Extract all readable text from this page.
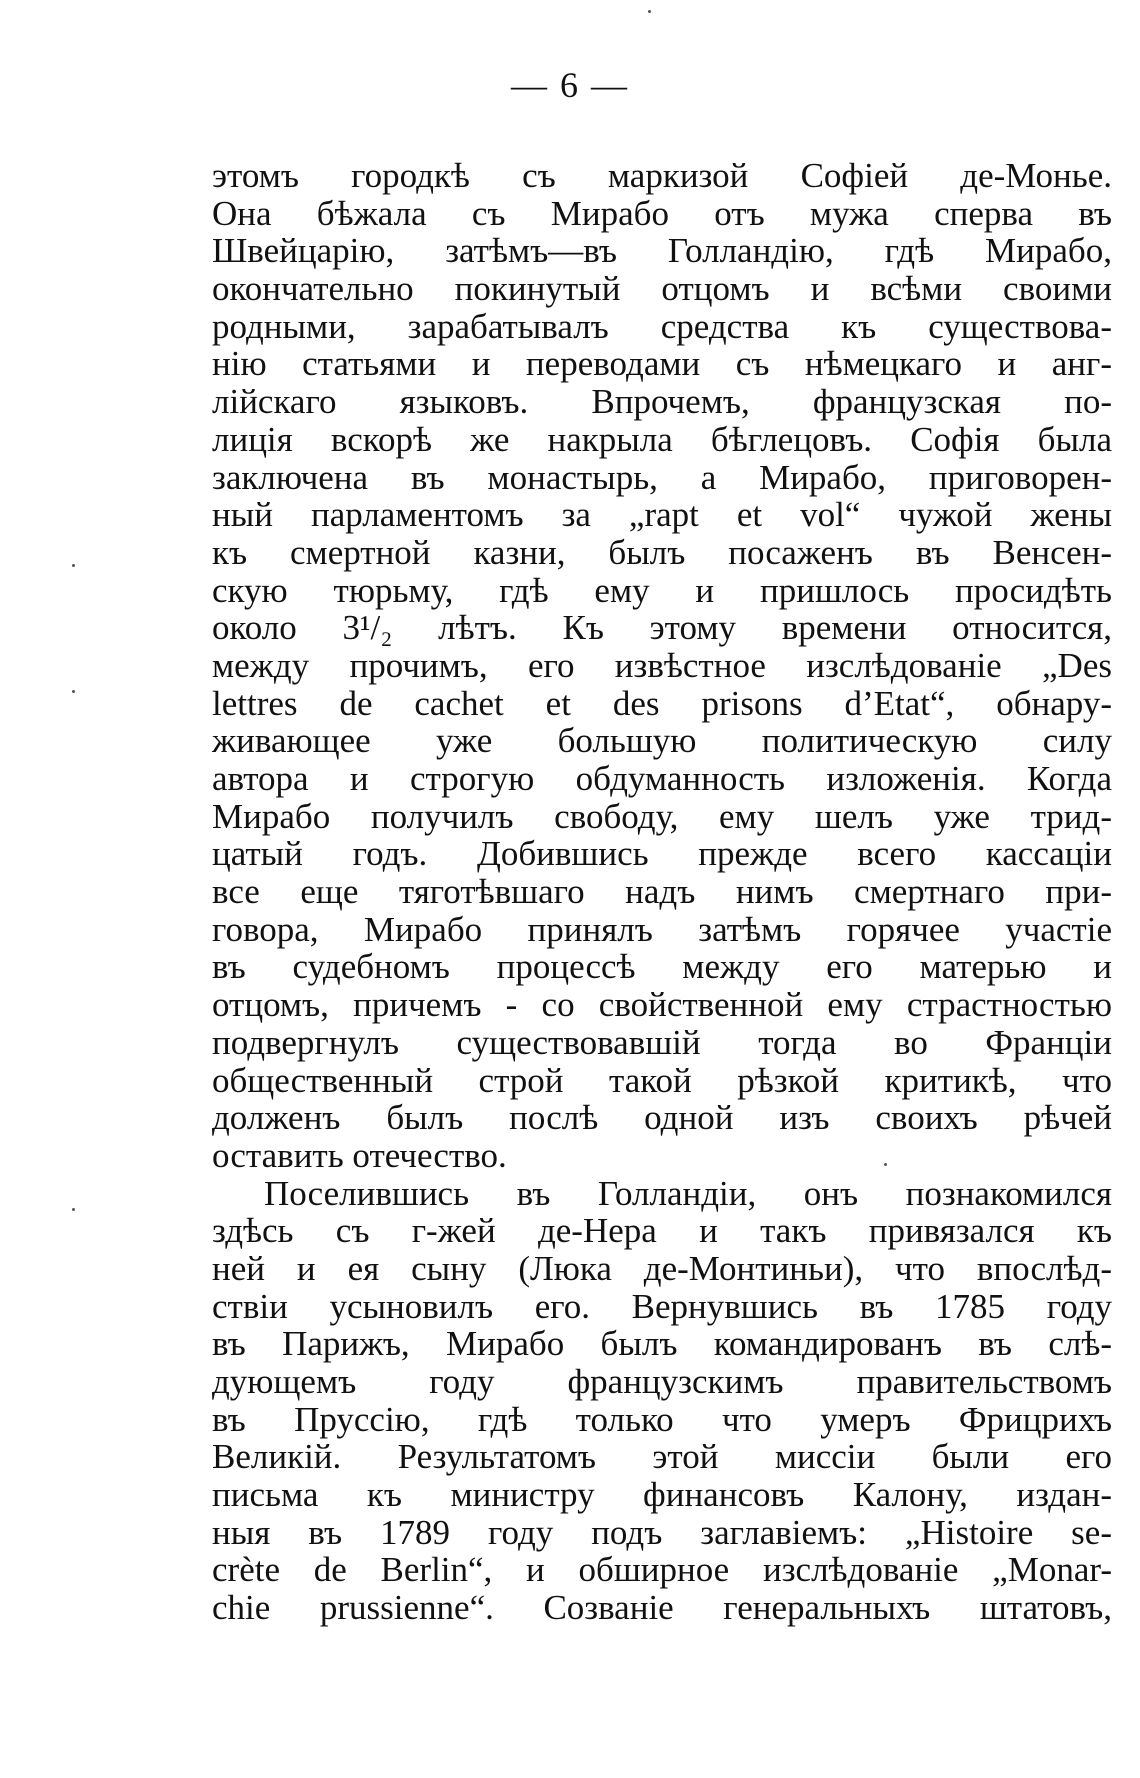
— 6 —
этомъ городкѣ съ маркизой Софіей де-Монье.
Она бѣжала съ Мирабо отъ мужа сперва въ
Швейцарію, затѣмъ—въ Голландію, гдѣ Мирабо,
окончательно покинутый отцомъ и всѣми своими
родными, зарабатывалъ средства къ существова-
нію статьями и переводами съ нѣмецкаго и анг-
лійскаго языковъ. Впрочемъ, французская по-
лиція вскорѣ же накрыла бѣглецовъ. Софія была
заключена въ монастырь, а Мирабо, приговорен-
ный парламентомъ за „rapt et vol“ чужой жены
къ смертной казни, былъ посаженъ въ Венсен-
скую тюрьму, гдѣ ему и пришлось просидѣть
около 3¹/₂ лѣтъ. Къ этому времени относится,
между прочимъ, его извѣстное изслѣдованіе „Des
lettres de cachet et des prisons d’Etat“, обнару-
живающее уже большую политическую силу
автора и строгую обдуманность изложенія. Когда
Мирабо получилъ свободу, ему шелъ уже трид-
цатый годъ. Добившись прежде всего кассаціи
все еще тяготѣвшаго надъ нимъ смертнаго при-
говора, Мирабо принялъ затѣмъ горячее участіе
въ судебномъ процессѣ между его матерью и
отцомъ, причемъ - со свойственной ему страстностью
подвергнулъ существовавшій тогда во Франціи
общественный строй такой рѣзкой критикѣ, что
долженъ былъ послѣ одной изъ своихъ рѣчей
оставить отечество.
Поселившись въ Голландіи, онъ познакомился
здѣсь съ г-жей де-Нера и такъ привязался къ
ней и ея сыну (Люка де-Монтиньи), что впослѣд-
ствіи усыновилъ его. Вернувшись въ 1785 году
въ Парижъ, Мирабо былъ командированъ въ слѣ-
дующемъ году французскимъ правительствомъ
въ Пруссію, гдѣ только что умеръ Фрицрихъ
Великій. Результатомъ этой миссіи были его
письма къ министру финансовъ Калону, издан-
ныя въ 1789 году подъ заглавіемъ: „Histoire se-
crète de Berlin“, и обширное изслѣдованіе „Monar-
chie prussienne“. Созваніе генеральныхъ штатовъ,
